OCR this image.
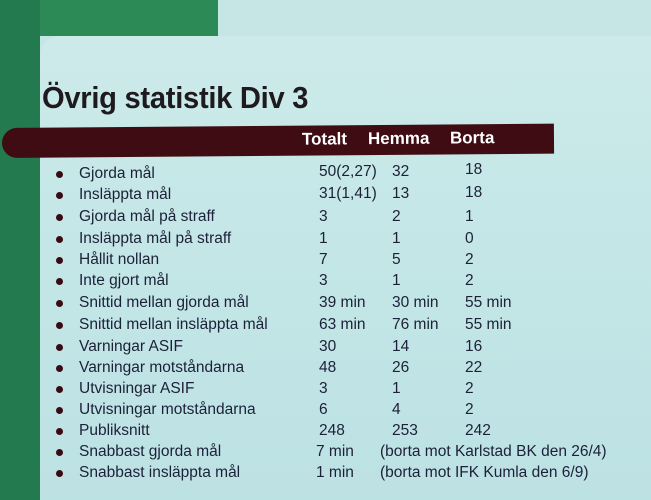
Övrig statistik Div 3
Totalt Hemma Borta
Gjorda mål	50(2,27) 32	18
Insläppta mål	31(1,41) 13	18
Gjorda mål på straff	3	2	1
Insläppta mål på straff	1	1	0
Hållit nollan	7	5	2
Inte gjort mål	3	1	2
Snittid mellan gjorda mål	39 min 30 min 55 min
Snittid mellan insläppta mål	63 min 76 min 55 min
Varningar ASIF	30	14	16
Varningar motståndarna	48	26	22
Utvisningar ASIF	3	1	2
Utvisningar motståndarna	6	4	2
Publiksnitt	248	253	242
Snabbast gjorda mål	7 min (borta mot Karlstad BK den 26/4)
Snabbast insläppta mål	1 min (borta mot IFK Kumla den 6/9)
